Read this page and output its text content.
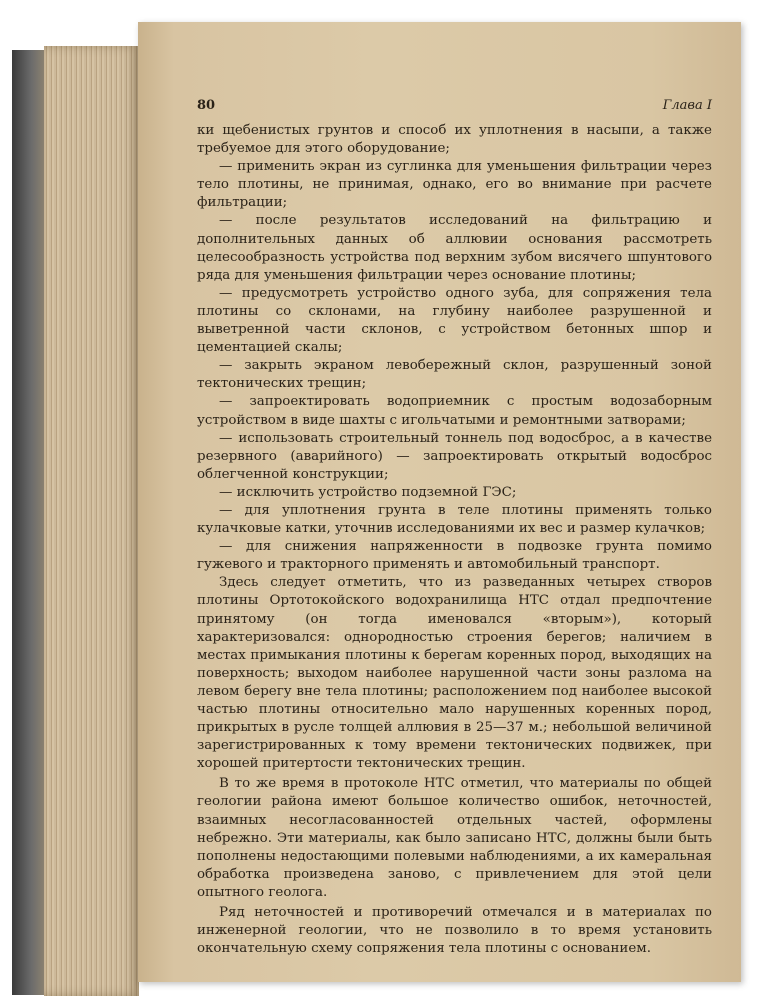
80	Глава I

ки щебенистых грунтов и способ их уплотнения в насыпи, а также требуемое для этого оборудование;

— применить экран из суглинка для уменьшения фильтрации через тело плотины, не принимая, однако, его во внимание при расчете фильтрации;

— после результатов исследований на фильтрацию и дополнительных данных об аллювии основания рассмотреть целесообразность устройства под верхним зубом висячего шпунтового ряда для уменьшения фильтрации через основание плотины;

— предусмотреть устройство одного зуба, для сопряжения тела плотины со склонами, на глубину наиболее разрушенной и выветренной части склонов, с устройством бетонных шпор и цементацией скалы;

— закрыть экраном левобережный склон, разрушенный зоной тектонических трещин;

— запроектировать водоприемник с простым водозаборным устройством в виде шахты с игольчатыми и ремонтными затворами;

— использовать строительный тоннель под водосброс, а в качестве резервного (аварийного) — запроектировать открытый водосброс облегченной конструкции;

— исключить устройство подземной ГЭС;

— для уплотнения грунта в теле плотины применять только кулачковые катки, уточнив исследованиями их вес и размер кулачков;

— для снижения напряженности в подвозке грунта помимо гужевого и тракторного применять и автомобильный транспорт.

Здесь следует отметить, что из разведанных четырех створов плотины Ортотокойского водохранилища НТС отдал предпочтение принятому (он тогда именовался «вторым»), который характеризовался: однородностью строения берегов; наличием в местах примыкания плотины к берегам коренных пород, выходящих на поверхность; выходом наиболее нарушенной части зоны разлома на левом берегу вне тела плотины; расположением под наиболее высокой частью плотины относительно мало нарушенных коренных пород, прикрытых в русле толщей аллювия в 25—37 м.; небольшой величиной зарегистрированных к тому времени тектонических подвижек, при хорошей притертости тектонических трещин.

В то же время в протоколе НТС отметил, что материалы по общей геологии района имеют большое количество ошибок, неточностей, взаимных несогласованностей отдельных частей, оформлены небрежно. Эти материалы, как было записано НТС, должны были быть пополнены недостающими полевыми наблюдениями, а их камеральная обработка произведена заново, с привлечением для этой цели опытного геолога.

Ряд неточностей и противоречий отмечался и в материалах по инженерной геологии, что не позволило в то время установить окончательную схему сопряжения тела плотины с основанием.
